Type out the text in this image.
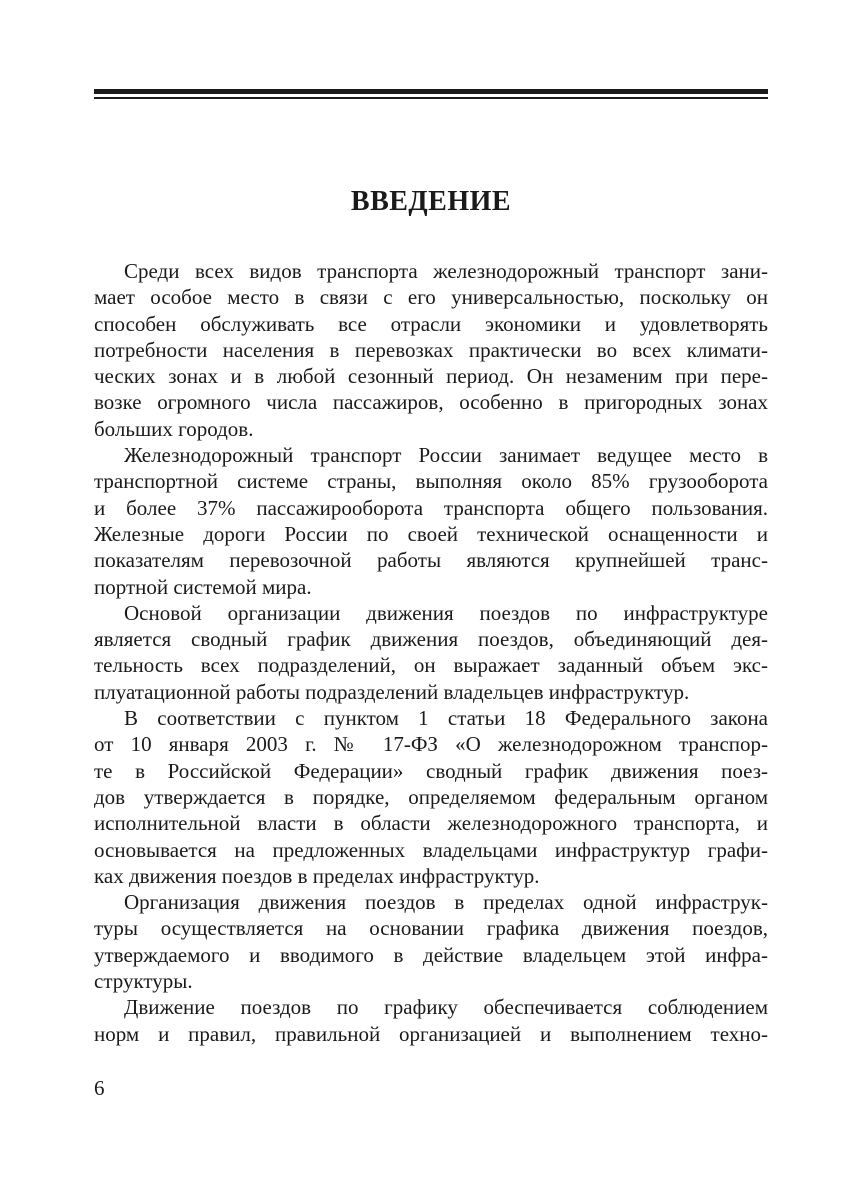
ВВЕДЕНИЕ
Среди всех видов транспорта железнодорожный транспорт зани-
мает особое место в связи с его универсальностью, поскольку он
способен обслуживать все отрасли экономики и удовлетворять
потребности населения в перевозках практически во всех климати-
ческих зонах и в любой сезонный период. Он незаменим при пере-
возке огромного числа пассажиров, особенно в пригородных зонах
больших городов.
Железнодорожный транспорт России занимает ведущее место в
транспортной системе страны, выполняя около 85% грузооборота
и более 37% пассажирооборота транспорта общего пользования.
Железные дороги России по своей технической оснащенности и
показателям перевозочной работы являются крупнейшей транс-
портной системой мира.
Основой организации движения поездов по инфраструктуре
является сводный график движения поездов, объединяющий дея-
тельность всех подразделений, он выражает заданный объем экс-
плуатационной работы подразделений владельцев инфраструктур.
В соответствии с пунктом 1 статьи 18 Федерального закона
от 10 января 2003 г. № 17-ФЗ «О железнодорожном транспор-
те в Российской Федерации» сводный график движения поез-
дов утверждается в порядке, определяемом федеральным органом
исполнительной власти в области железнодорожного транспорта, и
основывается на предложенных владельцами инфраструктур графи-
ках движения поездов в пределах инфраструктур.
Организация движения поездов в пределах одной инфраструк-
туры осуществляется на основании графика движения поездов,
утверждаемого и вводимого в действие владельцем этой инфра-
структуры.
Движение поездов по графику обеспечивается соблюдением
норм и правил, правильной организацией и выполнением техно-
6
